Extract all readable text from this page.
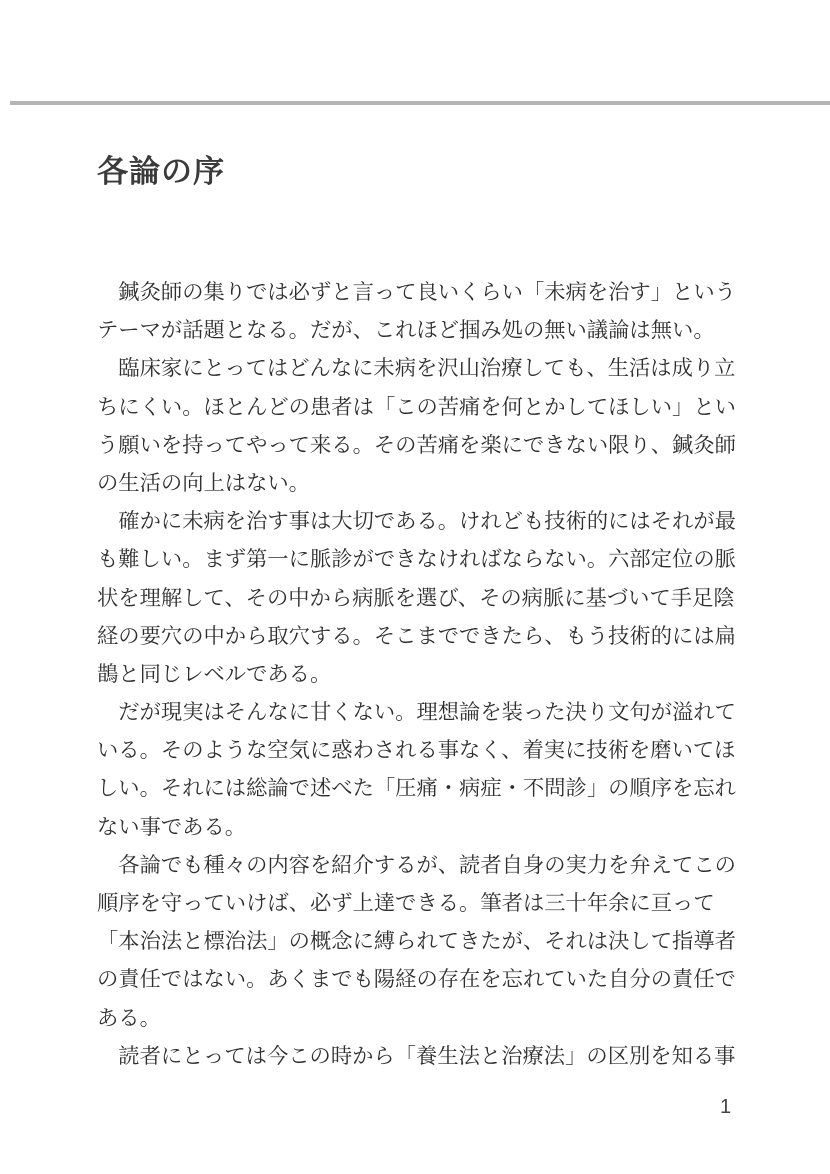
各論の序
　鍼灸師の集りでは必ずと言って良いくらい「未病を治す」という
テーマが話題となる。だが、これほど掴み処の無い議論は無い。
　臨床家にとってはどんなに未病を沢山治療しても、生活は成り立
ちにくい。ほとんどの患者は「この苦痛を何とかしてほしい」とい
う願いを持ってやって来る。その苦痛を楽にできない限り、鍼灸師
の生活の向上はない。
　確かに未病を治す事は大切である。けれども技術的にはそれが最
も難しい。まず第一に脈診ができなければならない。六部定位の脈
状を理解して、その中から病脈を選び、その病脈に基づいて手足陰
経の要穴の中から取穴する。そこまでできたら、もう技術的には扁
鵲と同じレベルである。
　だが現実はそんなに甘くない。理想論を装った決り文句が溢れて
いる。そのような空気に惑わされる事なく、着実に技術を磨いてほ
しい。それには総論で述べた「圧痛・病症・不問診」の順序を忘れ
ない事である。
　各論でも種々の内容を紹介するが、読者自身の実力を弁えてこの
順序を守っていけば、必ず上達できる。筆者は三十年余に亘って
「本治法と標治法」の概念に縛られてきたが、それは決して指導者
の責任ではない。あくまでも陽経の存在を忘れていた自分の責任で
ある。
　読者にとっては今この時から「養生法と治療法」の区別を知る事
1
